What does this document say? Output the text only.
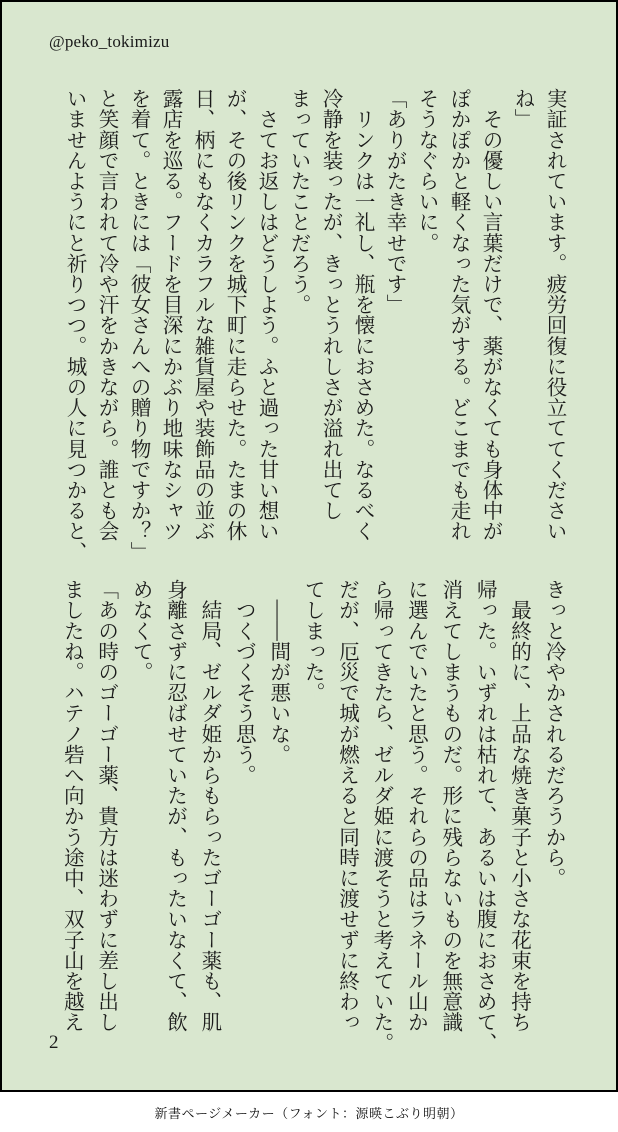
@peko_tokimizu
実証されています。疲労回復に役立ててください
ね」
　その優しい言葉だけで、薬がなくても身体中が
ぽかぽかと軽くなった気がする。どこまでも走れ
そうなぐらいに。
「ありがたき幸せです」
　リンクは一礼し、瓶を懐におさめた。なるべく
冷静を装ったが、きっとうれしさが溢れ出てし
まっていたことだろう。
　さてお返しはどうしよう。ふと過った甘い想い
が、その後リンクを城下町に走らせた。たまの休
日、柄にもなくカラフルな雑貨屋や装飾品の並ぶ
露店を巡る。フードを目深にかぶり地味なシャツ
を着て。ときには「彼女さんへの贈り物ですか？」
と笑顔で言われて冷や汗をかきながら。誰とも会
いませんようにと祈りつつ。城の人に見つかると、
きっと冷やかされるだろうから。
　最終的に、上品な焼き菓子と小さな花束を持ち
帰った。いずれは枯れて、あるいは腹におさめて、
消えてしまうものだ。形に残らないものを無意識
に選んでいたと思う。それらの品はラネール山か
ら帰ってきたら、ゼルダ姫に渡そうと考えていた。
だが、厄災で城が燃えると同時に渡せずに終わっ
てしまった。
　――間が悪いな。
　つくづくそう思う。
　結局、ゼルダ姫からもらったゴーゴー薬も、肌
身離さずに忍ばせていたが、もったいなくて、飲
めなくて。
「あの時のゴーゴー薬、貴方は迷わずに差し出し
ましたね。ハテノ砦へ向かう途中、双子山を越え
2
新書ページメーカー（フォント：源暎こぶり明朝）
